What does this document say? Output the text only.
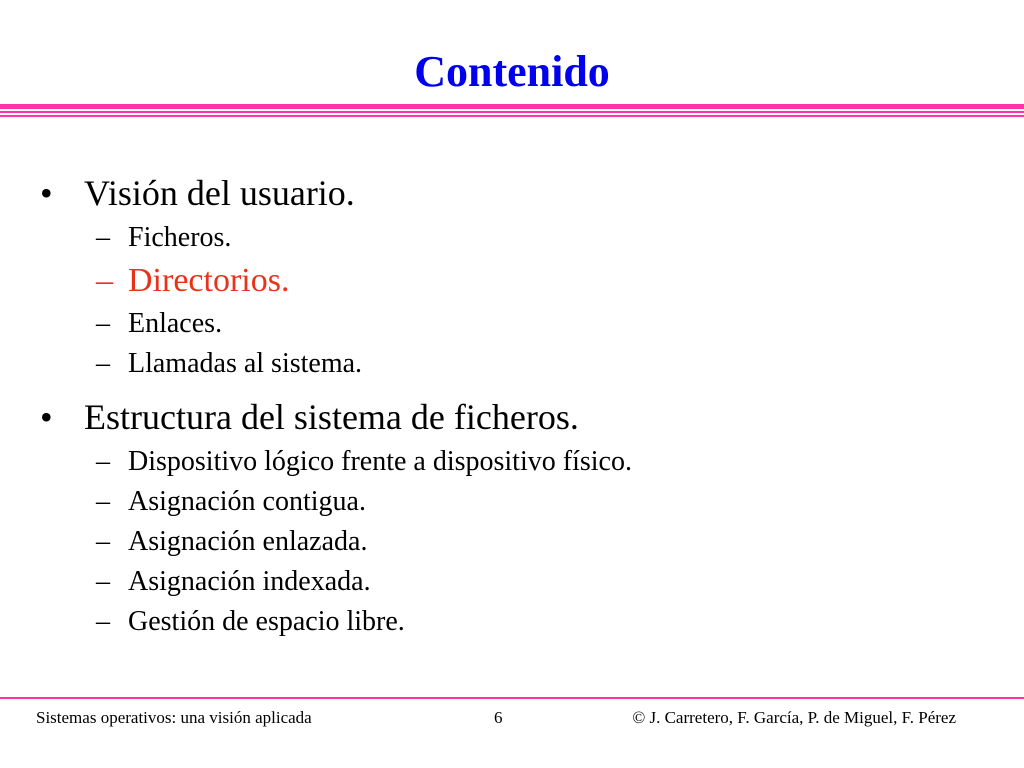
Contenido
• Visión del usuario.
– Ficheros.
– Directorios.
– Enlaces.
– Llamadas al sistema.
• Estructura del sistema de ficheros.
– Dispositivo lógico frente a dispositivo físico.
– Asignación contigua.
– Asignación enlazada.
– Asignación indexada.
– Gestión de espacio libre.
Sistemas operativos: una visión aplicada	6	© J. Carretero, F. García, P. de Miguel, F. Pérez
